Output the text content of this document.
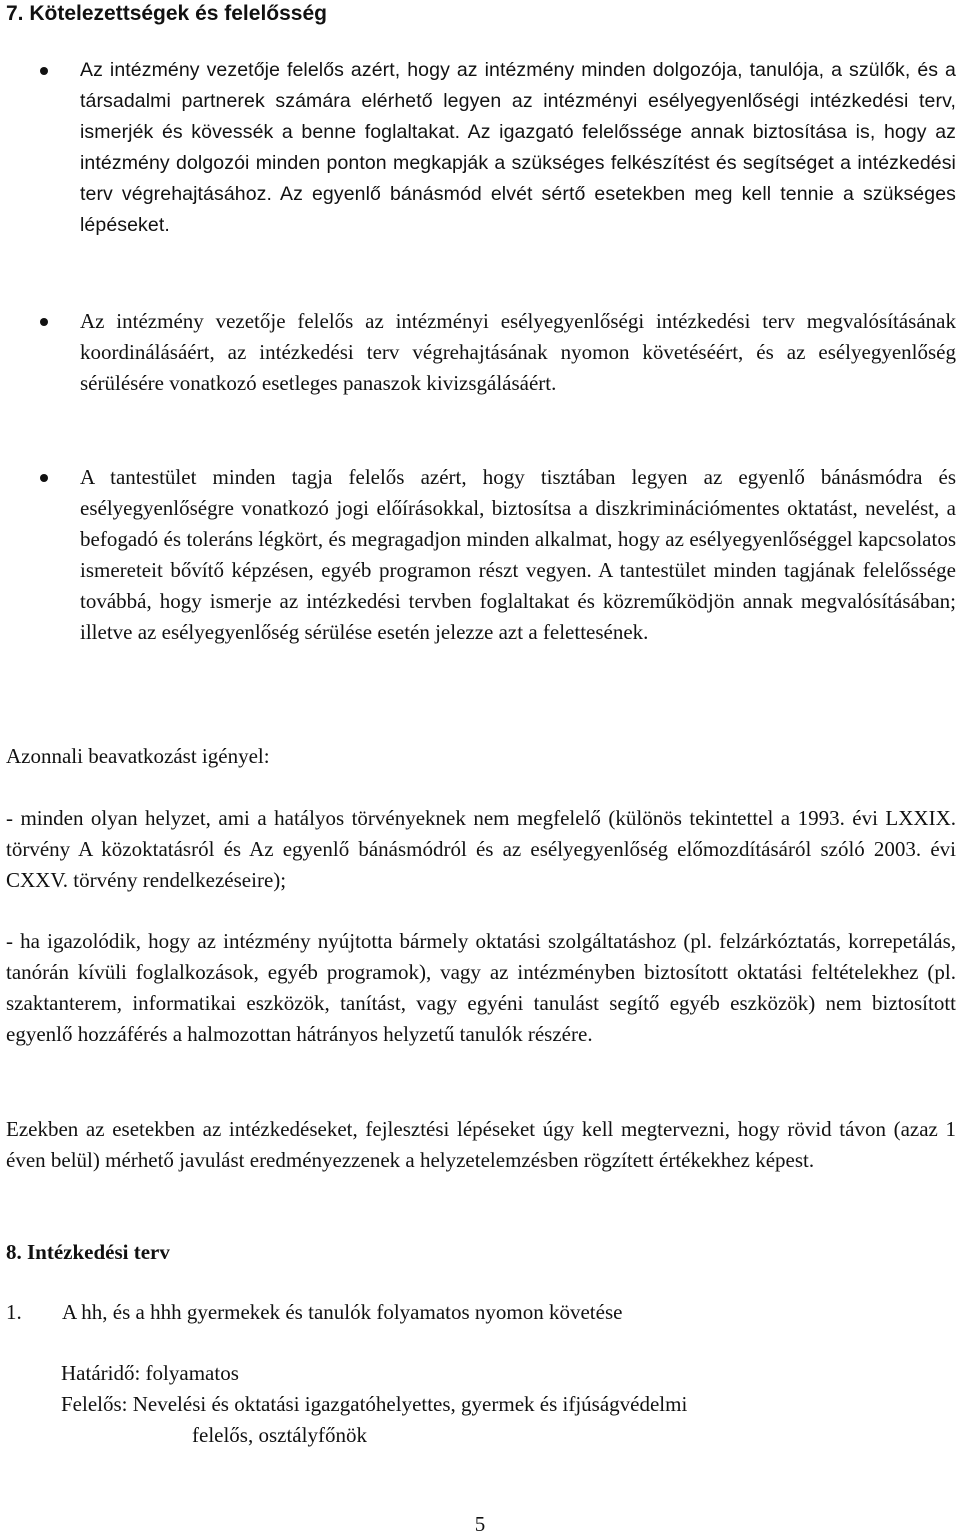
7. Kötelezettségek és felelősség

Az intézmény vezetője felelős azért, hogy az intézmény minden dolgozója, tanulója, a szülők, és a társadalmi partnerek számára elérhető legyen az intézményi esélyegyenlőségi intézkedési terv, ismerjék és kövessék a benne foglaltakat. Az igazgató felelőssége annak biztosítása is, hogy az intézmény dolgozói minden ponton megkapják a szükséges felkészítést és segítséget a intézkedési terv végrehajtásához. Az egyenlő bánásmód elvét sértő esetekben meg kell tennie a szükséges lépéseket.

Az intézmény vezetője felelős az intézményi esélyegyenlőségi intézkedési terv megvalósításának koordinálásáért, az intézkedési terv végrehajtásának nyomon követéséért, és az esélyegyenlőség sérülésére vonatkozó esetleges panaszok kivizsgálásáért.

A tantestület minden tagja felelős azért, hogy tisztában legyen az egyenlő bánásmódra és esélyegyenlőségre vonatkozó jogi előírásokkal, biztosítsa a diszkriminációmentes oktatást, nevelést, a befogadó és toleráns légkört, és megragadjon minden alkalmat, hogy az esélyegyenlőséggel kapcsolatos ismereteit bővítő képzésen, egyéb programon részt vegyen. A tantestület minden tagjának felelőssége továbbá, hogy ismerje az intézkedési tervben foglaltakat és közreműködjön annak megvalósításában; illetve az esélyegyenlőség sérülése esetén jelezze azt a felettesének.

Azonnali beavatkozást igényel:

- minden olyan helyzet, ami a hatályos törvényeknek nem megfelelő (különös tekintettel a 1993. évi LXXIX. törvény A közoktatásról és Az egyenlő bánásmódról és az esélyegyenlőség előmozdításáról szóló 2003. évi CXXV. törvény rendelkezéseire);

- ha igazolódik, hogy az intézmény nyújtotta bármely oktatási szolgáltatáshoz (pl. felzárkóztatás, korrepetálás, tanórán kívüli foglalkozások, egyéb programok), vagy az intézményben biztosított oktatási feltételekhez (pl. szaktanterem, informatikai eszközök, tanítást, vagy egyéni tanulást segítő egyéb eszközök) nem biztosított egyenlő hozzáférés a halmozottan hátrányos helyzetű tanulók részére.

Ezekben az esetekben az intézkedéseket, fejlesztési lépéseket úgy kell megtervezni, hogy rövid távon (azaz 1 éven belül) mérhető javulást eredményezzenek a helyzetelemzésben rögzített értékekhez képest.

8. Intézkedési terv
1. A hh, és a hhh gyermekek és tanulók folyamatos nyomon követése
Határidő: folyamatos
Felelős: Nevelési és oktatási igazgatóhelyettes, gyermek és ifjúságvédelmi
felelős, osztályfőnök
5
